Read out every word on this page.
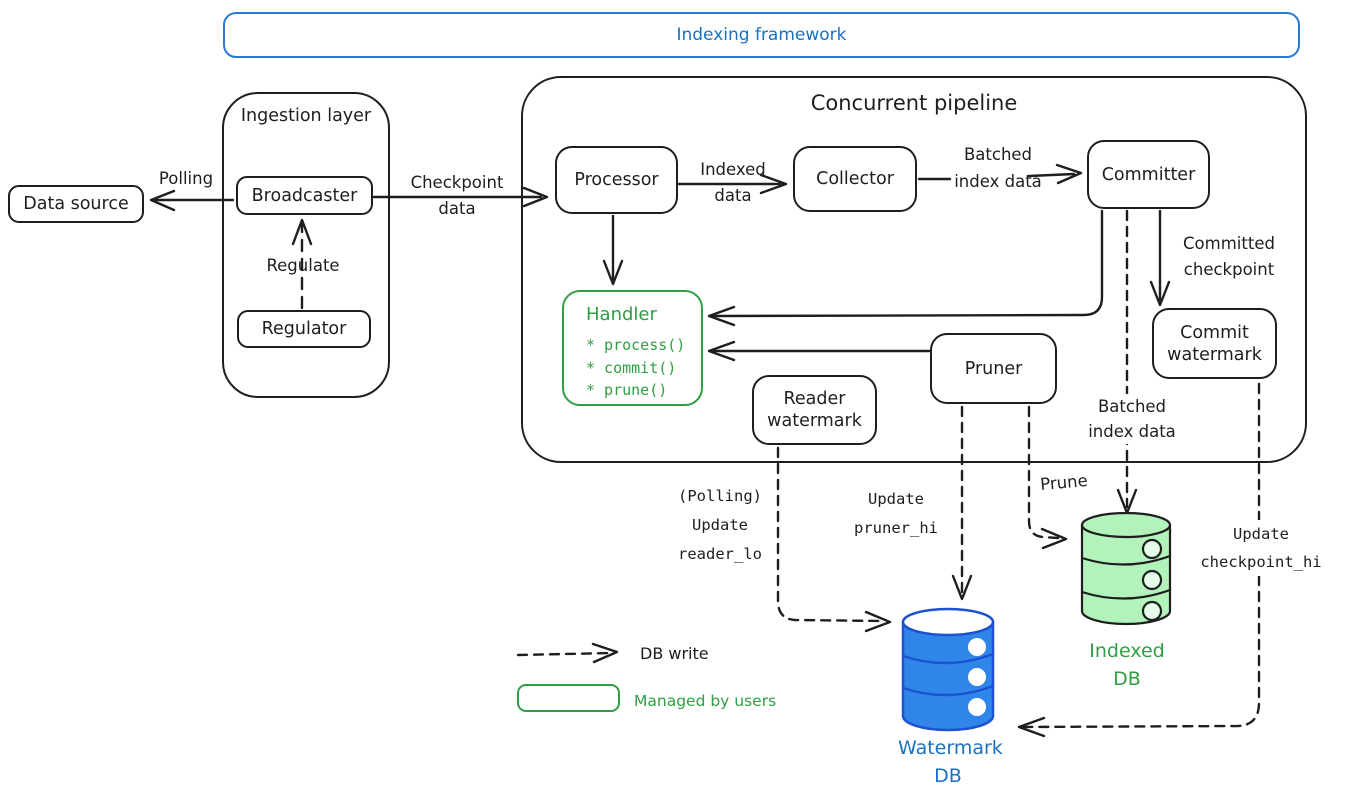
Indexing framework
Ingestion layer
Concurrent pipeline
Data source	Broadcaster
Regulator
Processor	Collector	Committer
Handler
* process()
* commit()
* prune()	Reader watermark
Pruner
Commit watermark
Polling
Regulate
Checkpoint data
Indexed data
Batched index data
Committed checkpoint
Batched index data
(Polling) Update reader_lo
Update pruner_hi
Prune
Update checkpoint_hi
Watermark DB
Indexed DB
DB write
Managed by users
